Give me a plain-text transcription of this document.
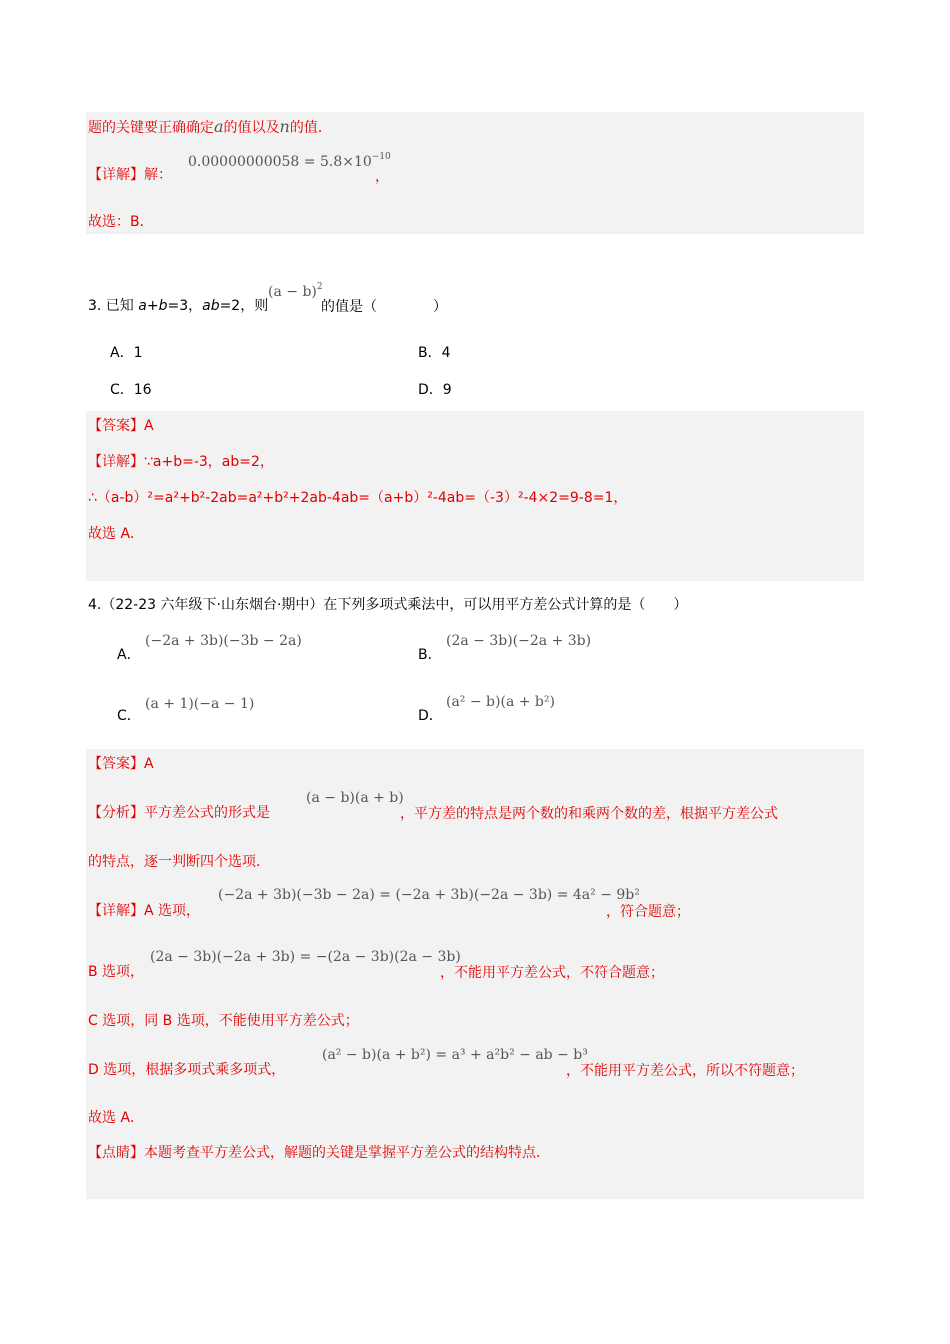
题的关键要正确确定a的值以及n的值．
【详解】解：
$0.00000000058 = 5.8\times 10^{-10}$
，
故选：B．
3. 已知 a+b=3，ab=2，则
$(a - b)^2$
的值是（　　　　）
A．1	B．4
C．16	D．9
【答案】A
【详解】∵a+b=-3，ab=2，
∴（a-b）²=a²+b²-2ab=a²+b²+2ab-4ab=（a+b）²-4ab=（-3）²-4×2=9-8=1，
故选 A．
4.（22-23 六年级下·山东烟台·期中）在下列多项式乘法中，可以用平方差公式计算的是（　　）
A．
(−2a + 3b)(−3b − 2a)
B．
(2a − 3b)(−2a + 3b)
C．
(a + 1)(−a − 1)
D．
(a² − b)(a + b²)
【答案】A
【分析】平方差公式的形式是
(a − b)(a + b)
，平方差的特点是两个数的和乘两个数的差，根据平方差公式
的特点，逐一判断四个选项．
【详解】A 选项，
(−2a + 3b)(−3b − 2a) = (−2a + 3b)(−2a − 3b) = 4a² − 9b²
，符合题意；
B 选项，
(2a − 3b)(−2a + 3b) = −(2a − 3b)(2a − 3b)
，不能用平方差公式，不符合题意；
C 选项，同 B 选项，不能使用平方差公式；
D 选项，根据多项式乘多项式，
(a² − b)(a + b²) = a³ + a²b² − ab − b³
，不能用平方差公式，所以不符题意；
故选 A．
【点睛】本题考查平方差公式，解题的关键是掌握平方差公式的结构特点．
